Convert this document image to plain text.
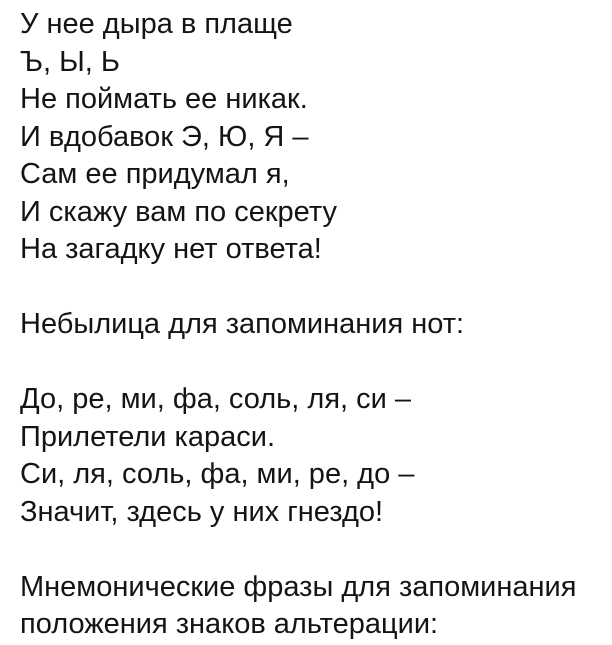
У нее дыра в плаще
Ъ, Ы, Ь
Не поймать ее никак.
И вдобавок Э, Ю, Я –
Сам ее придумал я,
И скажу вам по секрету
На загадку нет ответа!
Небылица для запоминания нот:
До, ре, ми, фа, соль, ля, си –
Прилетели караси.
Си, ля, соль, фа, ми, ре, до –
Значит, здесь у них гнездо!
Мнемонические фразы для запоминания
положения знаков альтерации:
